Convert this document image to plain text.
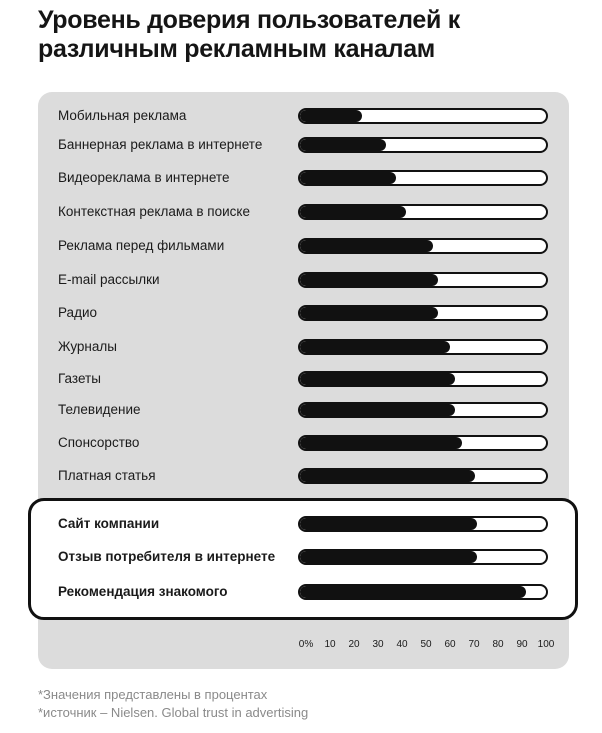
Уровень доверия пользователей к различным рекламным каналам
Мобильная реклама
Баннерная реклама в интернете
Видеореклама в интернете
Контекстная реклама в поиске
Реклама перед фильмами
E-mail рассылки
Радио
Журналы
Газеты
Телевидение
Спонсорство
Платная статья
Сайт компании
Отзыв потребителя в интернете
Рекомендация знакомого
0% 10 20 30 40 50 60 70 80 90 100
*Значения представлены в процентах
*источник – Nielsen. Global trust in advertising
